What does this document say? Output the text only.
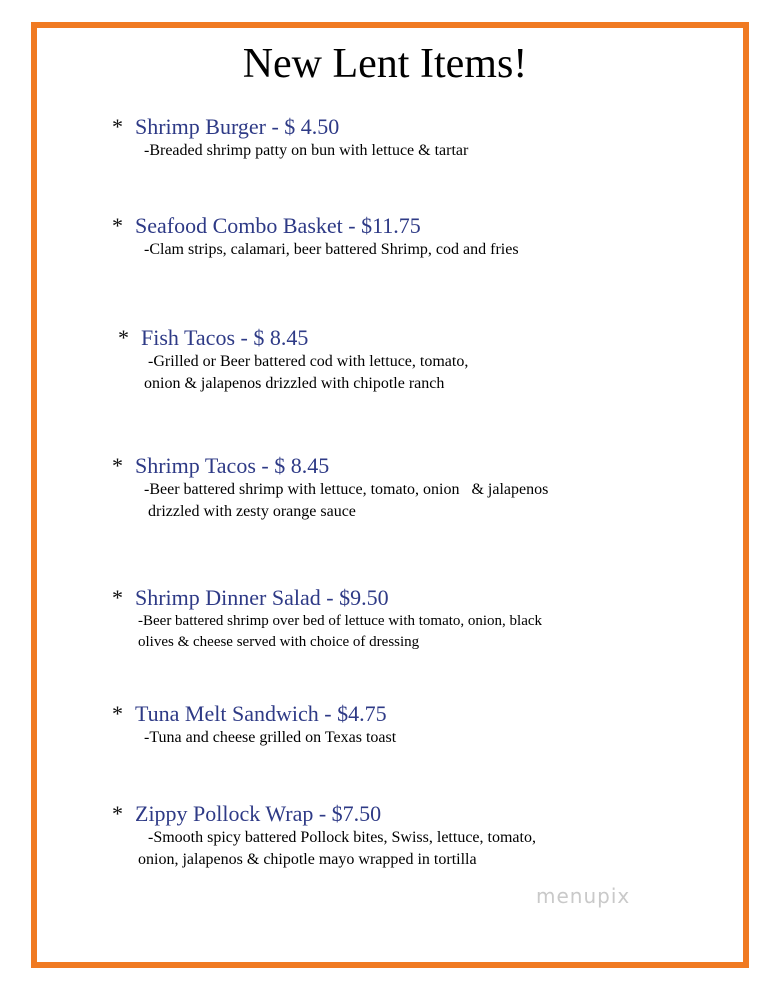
New Lent Items!
* Shrimp Burger - $ 4.50
-Breaded shrimp patty on bun with lettuce & tartar
* Seafood Combo Basket - $11.75
-Clam strips, calamari, beer battered Shrimp, cod and fries
* Fish Tacos - $ 8.45
-Grilled or Beer battered cod with lettuce, tomato,
onion & jalapenos drizzled with chipotle ranch
* Shrimp Tacos - $ 8.45
-Beer battered shrimp with lettuce, tomato, onion   & jalapenos
drizzled with zesty orange sauce
* Shrimp Dinner Salad - $9.50
-Beer battered shrimp over bed of lettuce with tomato, onion, black
olives & cheese served with choice of dressing
* Tuna Melt Sandwich - $4.75
-Tuna and cheese grilled on Texas toast
* Zippy Pollock Wrap - $7.50
-Smooth spicy battered Pollock bites, Swiss, lettuce, tomato,
onion, jalapenos & chipotle mayo wrapped in tortilla
menupix
